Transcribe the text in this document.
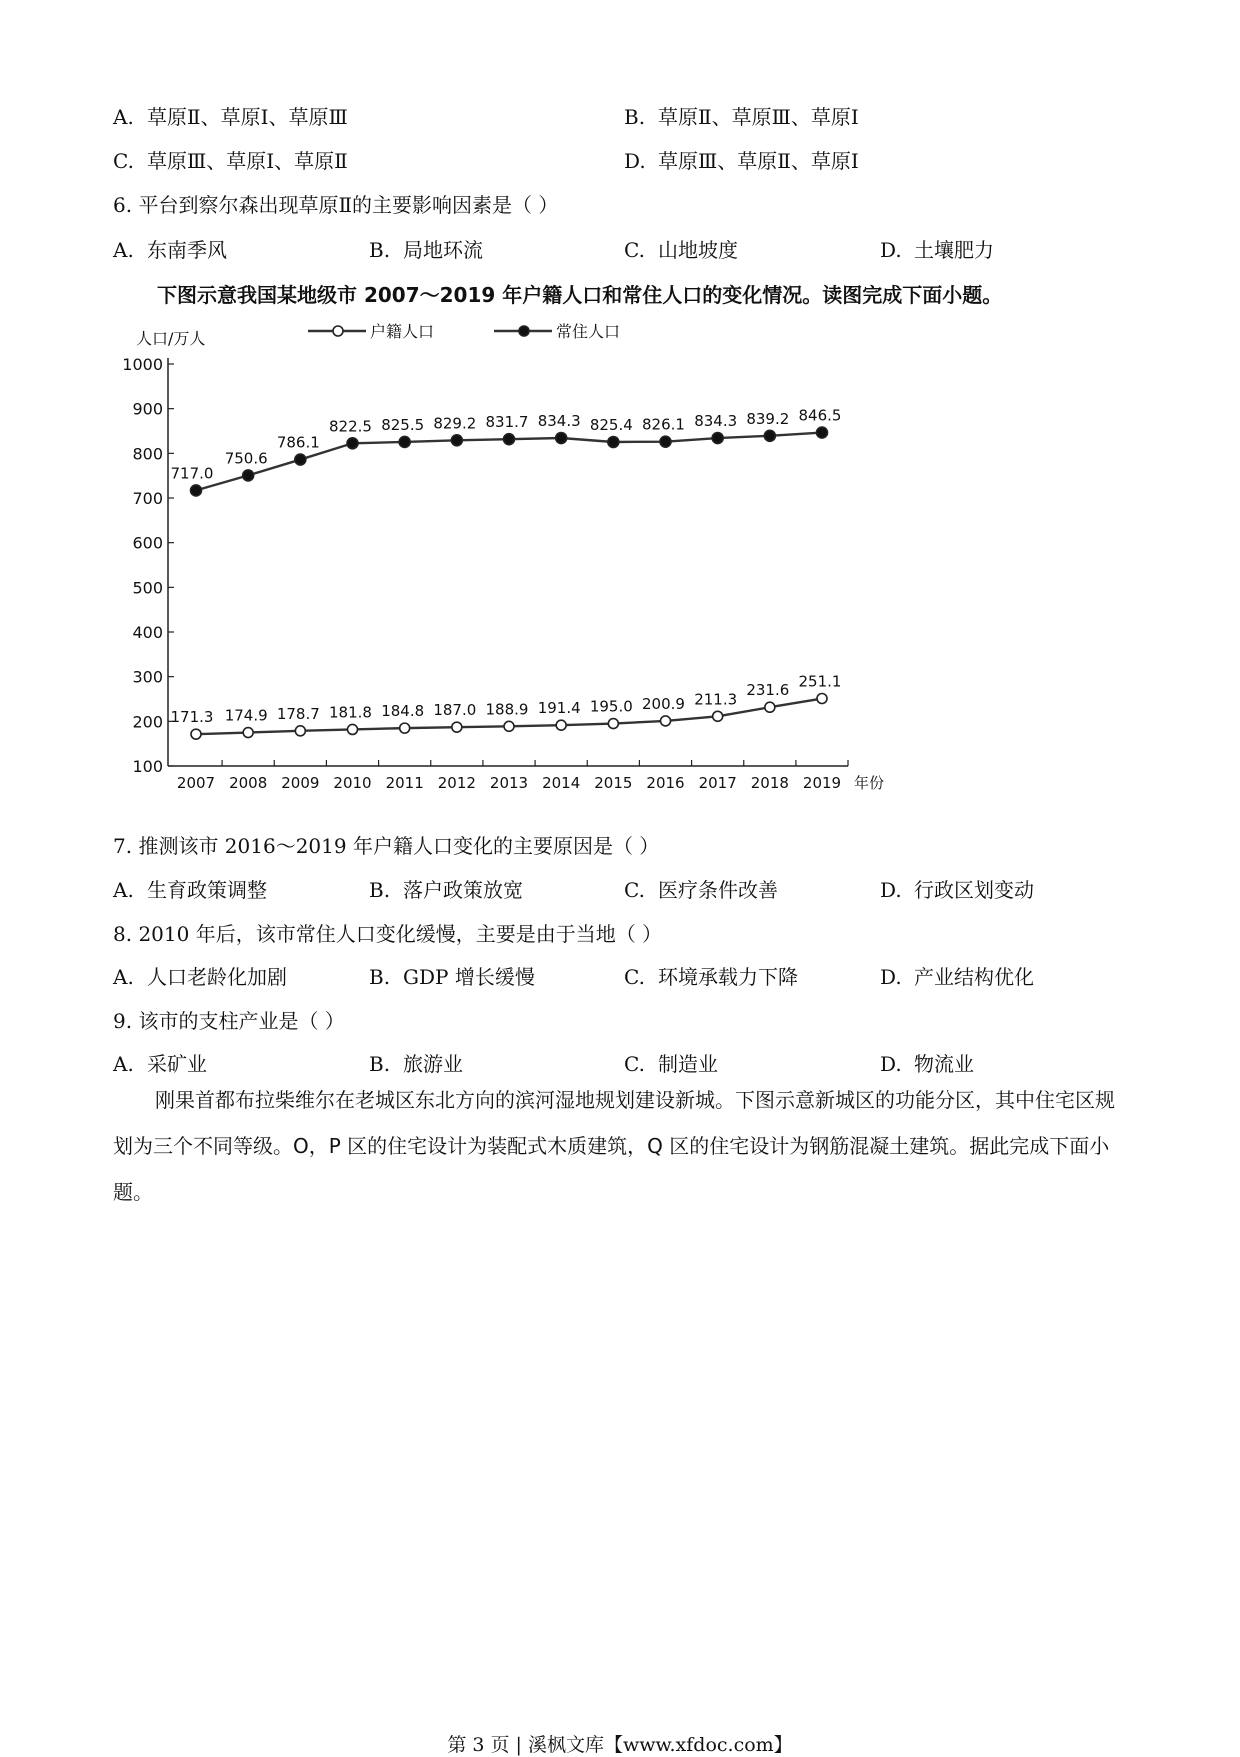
A. 草原Ⅱ、草原Ⅰ、草原Ⅲ	B. 草原Ⅱ、草原Ⅲ、草原Ⅰ
C. 草原Ⅲ、草原Ⅰ、草原Ⅱ	D. 草原Ⅲ、草原Ⅱ、草原Ⅰ
6. 平台到察尔森出现草原Ⅱ的主要影响因素是（ ）
A. 东南季风	B. 局地环流	C. 山地坡度	D. 土壤肥力
下图示意我国某地级市 2007～2019 年户籍人口和常住人口的变化情况。读图完成下面小题。
人口/万人
100
200
300
400
500
600
700
800
900
1000
2007 2008 2009 2010 2011 2012 2013 2014 2015 2016 2017 2018 2019 年份
171.3 174.9 178.7 181.8 184.8 187.0 188.9 191.4 195.0 200.9 211.3
231.6 251.1
717.0
750.6
786.1
822.5 825.5 829.2 831.7 834.3 825.4 826.1 834.3 839.2 846.5
户籍人口	常住人口
7. 推测该市 2016～2019 年户籍人口变化的主要原因是（ ）
A. 生育政策调整	B. 落户政策放宽	C. 医疗条件改善	D. 行政区划变动
8. 2010 年后，该市常住人口变化缓慢，主要是由于当地（ ）
A. 人口老龄化加剧	B. GDP 增长缓慢	C. 环境承载力下降	D. 产业结构优化
9. 该市的支柱产业是（ ）
A. 采矿业	B. 旅游业	C. 制造业	D. 物流业
刚果首都布拉柴维尔在老城区东北方向的滨河湿地规划建设新城。下图示意新城区的功能分区，其中住宅区规划为三个不同等级。O，P 区的住宅设计为装配式木质建筑，Q 区的住宅设计为钢筋混凝土建筑。据此完成下面小题。
第 3 页 | 溪枫文库【www.xfdoc.com】
